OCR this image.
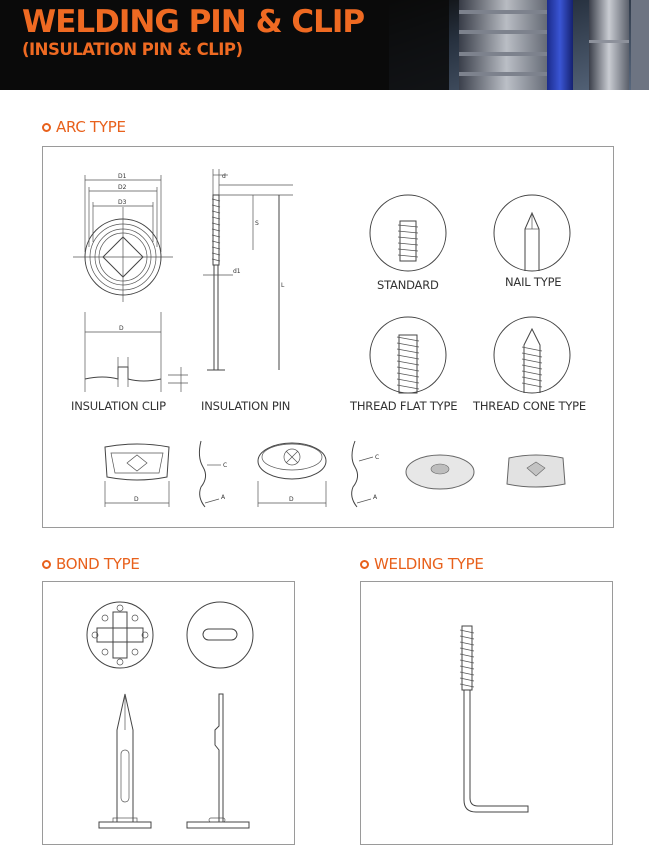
WELDING PIN & CLIP
(INSULATION PIN & CLIP)
ARC TYPE
D1
D2
D3
D
INSULATION CLIP
d
S
d1
L
INSULATION PIN
STANDARD	NAIL TYPE
THREAD FLAT TYPE THREAD CONE TYPE
D
C
A	D
C
A
BOND TYPE	WELDING TYPE
